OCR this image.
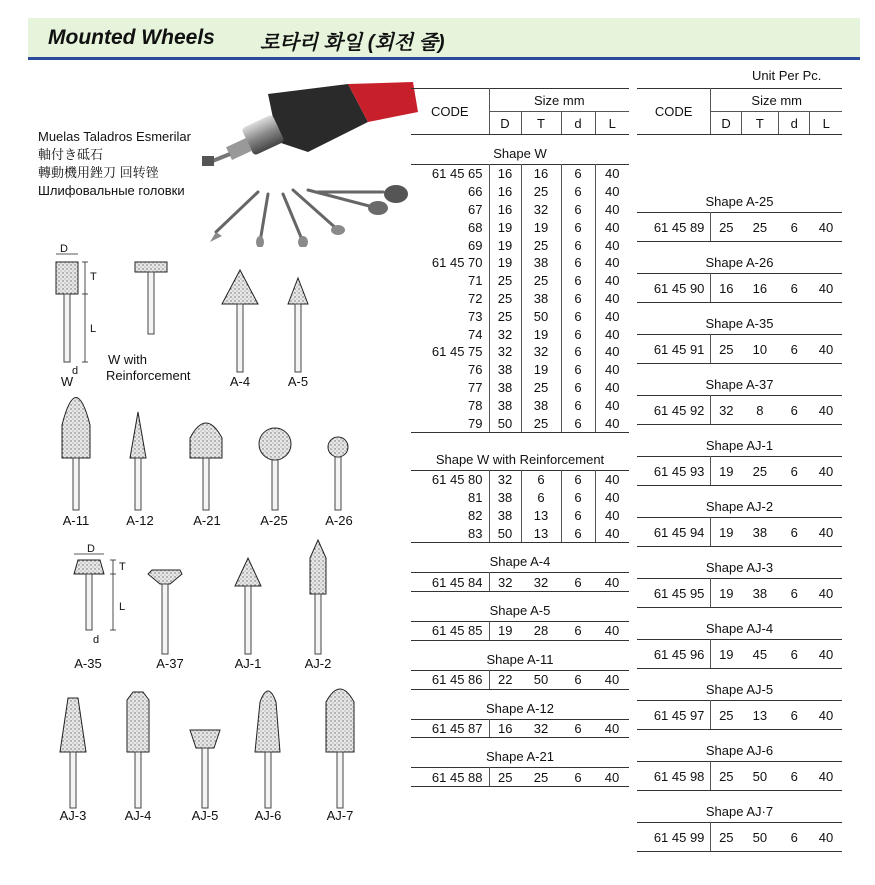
Mounted Wheels 로타리 화일 (회전 줄)
Unit Per Pc.
Muelas Taladros Esmerilar
軸付き砥石
轉動機用銼刀 回转锉
Шлифовальные головки
D
T
L
d
D
T
L
d
W
W with
Reinforcement	A-4	A-5
A-11	A-12	A-21	A-25	A-26
A-35	A-37	AJ-1	AJ-2
AJ-3	AJ-4	AJ-5	AJ-6	AJ-7
CODE	Size mm			
	D	T	d	L
Shape W				
61 45 65	16	16	6	40
66	16	25	6	40
67	16	32	6	40
68	19	19	6	40
69	19	25	6	40
61 45 70	19	38	6	40
71	25	25	6	40
72	25	38	6	40
73	25	50	6	40
74	32	19	6	40
61 45 75	32	32	6	40
76	38	19	6	40
77	38	25	6	40
78	38	38	6	40
79	50	25	6	40
Shape W with Reinforcement				
61 45 80	32	6	6	40
81	38	6	6	40
82	38	13	6	40
83	50	13	6	40
Shape A-4				
61 45 84	32	32	6	40
Shape A-5				
61 45 85	19	28	6	40
Shape A-11				
61 45 86	22	50	6	40
Shape A-12				
61 45 87	16	32	6	40
Shape A-21				
61 45 88	25	25	6	40
CODE	Size mm			
	D	T	d	L
Shape A-25				
61 45 89	25	25	6	40
Shape A-26				
61 45 90	16	16	6	40
Shape A-35				
61 45 91	25	10	6	40
Shape A-37				
61 45 92	32	8	6	40
Shape AJ-1				
61 45 93	19	25	6	40
Shape AJ-2				
61 45 94	19	38	6	40
Shape AJ-3				
61 45 95	19	38	6	40
Shape AJ-4				
61 45 96	19	45	6	40
Shape AJ-5				
61 45 97	25	13	6	40
Shape AJ-6				
61 45 98	25	50	6	40
Shape AJ·7				
61 45 99	25	50	6	40
